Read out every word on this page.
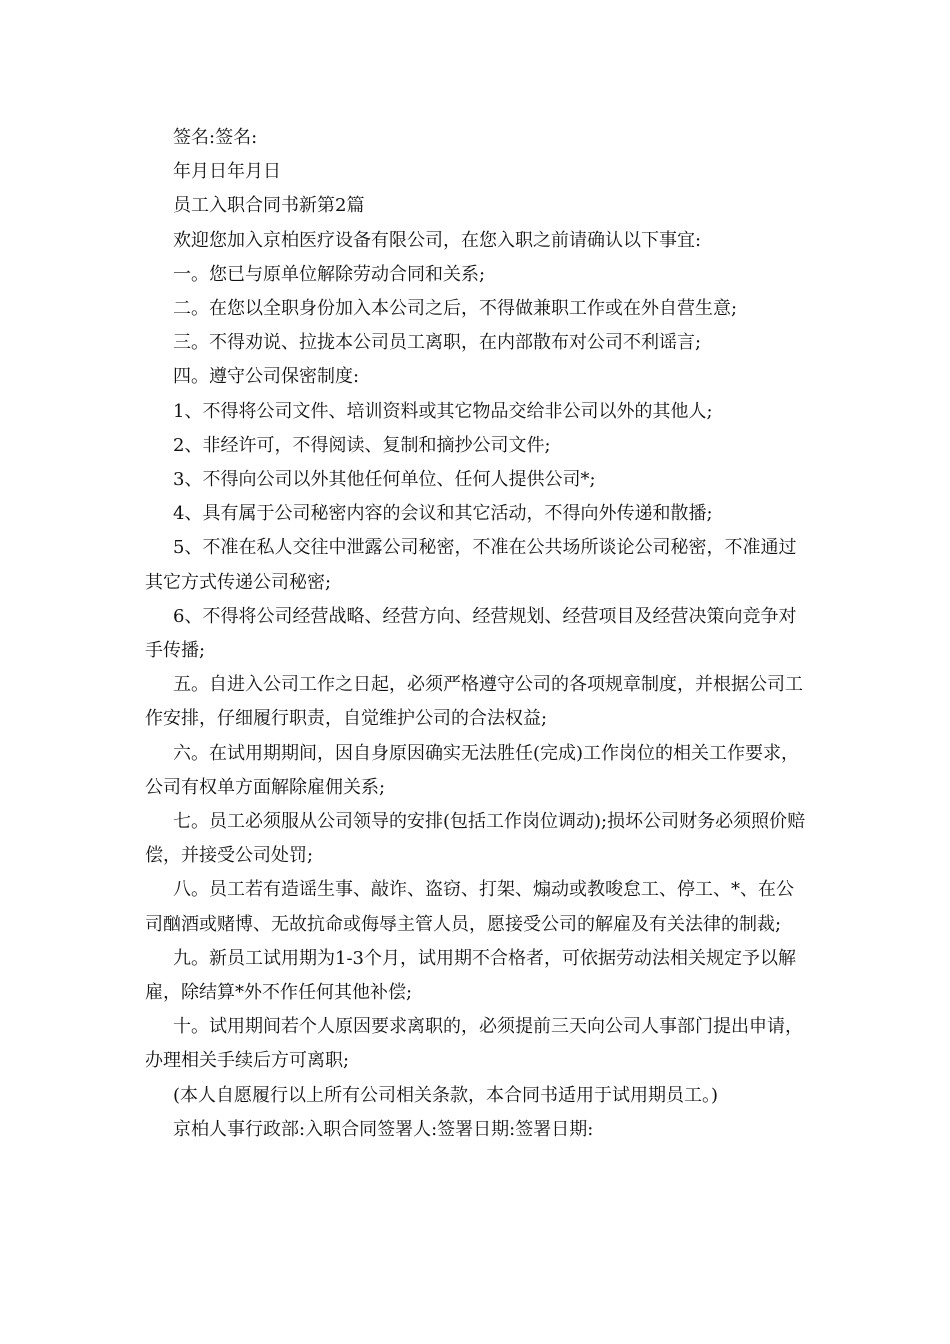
签名:签名:

年月日年月日

员工入职合同书新第2篇

欢迎您加入京柏医疗设备有限公司，在您入职之前请确认以下事宜:

一。您已与原单位解除劳动合同和关系;

二。在您以全职身份加入本公司之后，不得做兼职工作或在外自营生意;

三。不得劝说、拉拢本公司员工离职，在内部散布对公司不利谣言;

四。遵守公司保密制度:

1、不得将公司文件、培训资料或其它物品交给非公司以外的其他人;

2、非经许可，不得阅读、复制和摘抄公司文件;

3、不得向公司以外其他任何单位、任何人提供公司*;

4、具有属于公司秘密内容的会议和其它活动，不得向外传递和散播;

5、不准在私人交往中泄露公司秘密，不准在公共场所谈论公司秘密，不准通过其它方式传递公司秘密;

6、不得将公司经营战略、经营方向、经营规划、经营项目及经营决策向竞争对手传播;

五。自进入公司工作之日起，必须严格遵守公司的各项规章制度，并根据公司工作安排，仔细履行职责，自觉维护公司的合法权益;

六。在试用期期间，因自身原因确实无法胜任(完成)工作岗位的相关工作要求，公司有权单方面解除雇佣关系;

七。员工必须服从公司领导的安排(包括工作岗位调动);损坏公司财务必须照价赔偿，并接受公司处罚;

八。员工若有造谣生事、敲诈、盗窃、打架、煽动或教唆怠工、停工、*、在公司酗酒或赌博、无故抗命或侮辱主管人员，愿接受公司的解雇及有关法律的制裁;

九。新员工试用期为1-3个月，试用期不合格者，可依据劳动法相关规定予以解雇，除结算*外不作任何其他补偿;

十。试用期间若个人原因要求离职的，必须提前三天向公司人事部门提出申请，办理相关手续后方可离职;

(本人自愿履行以上所有公司相关条款，本合同书适用于试用期员工。)

京柏人事行政部:入职合同签署人:签署日期:签署日期:
